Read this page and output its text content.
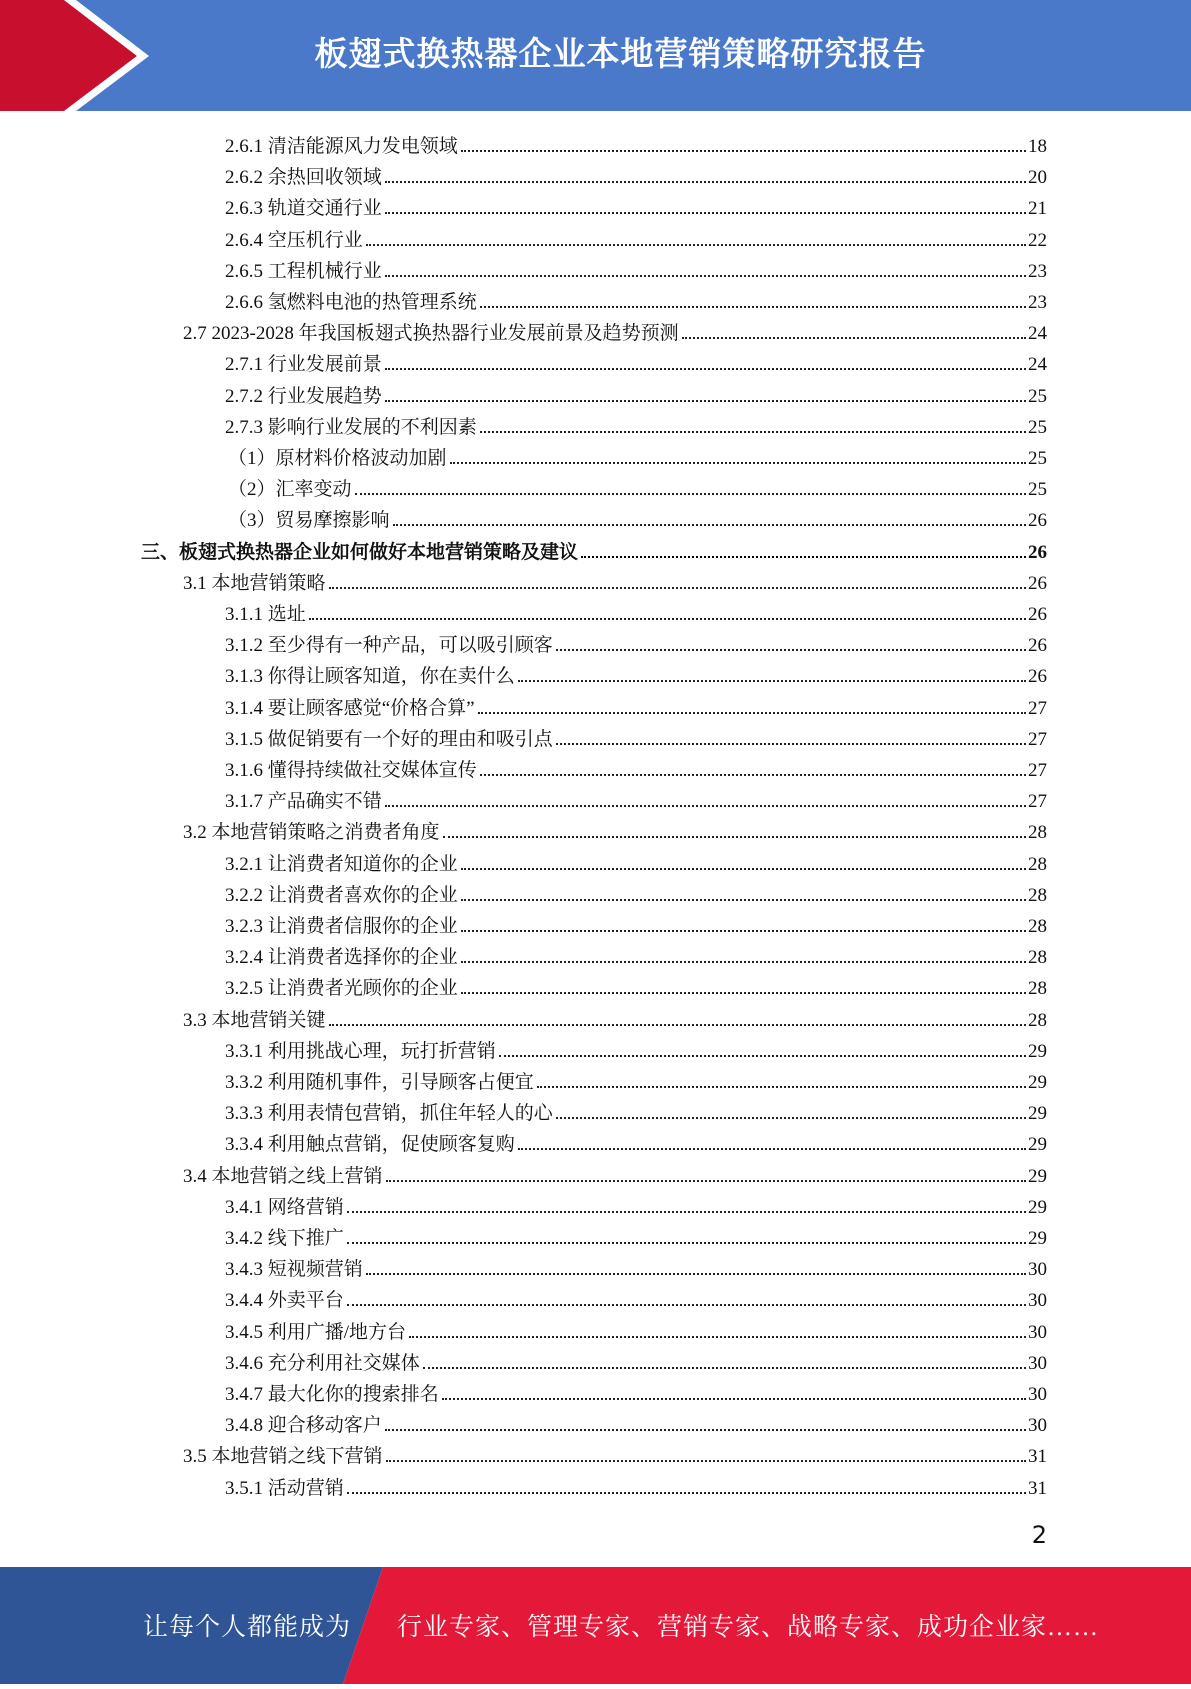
板翅式换热器企业本地营销策略研究报告
2.6.1 清洁能源风力发电领域	18
2.6.2 余热回收领域	20
2.6.3 轨道交通行业	21
2.6.4 空压机行业	22
2.6.5 工程机械行业	23
2.6.6 氢燃料电池的热管理系统	23
2.7 2023-2028 年我国板翅式换热器行业发展前景及趋势预测	24
2.7.1 行业发展前景	24
2.7.2 行业发展趋势	25
2.7.3 影响行业发展的不利因素	25
（1）原材料价格波动加剧	25
（2）汇率变动	25
（3）贸易摩擦影响	26
三、板翅式换热器企业如何做好本地营销策略及建议	26
3.1 本地营销策略	26
3.1.1 选址	26
3.1.2 至少得有一种产品，可以吸引顾客	26
3.1.3 你得让顾客知道，你在卖什么	26
3.1.4 要让顾客感觉“价格合算”	27
3.1.5 做促销要有一个好的理由和吸引点	27
3.1.6 懂得持续做社交媒体宣传	27
3.1.7 产品确实不错	27
3.2 本地营销策略之消费者角度	28
3.2.1 让消费者知道你的企业	28
3.2.2 让消费者喜欢你的企业	28
3.2.3 让消费者信服你的企业	28
3.2.4 让消费者选择你的企业	28
3.2.5 让消费者光顾你的企业	28
3.3 本地营销关键	28
3.3.1 利用挑战心理，玩打折营销	29
3.3.2 利用随机事件，引导顾客占便宜	29
3.3.3 利用表情包营销，抓住年轻人的心	29
3.3.4 利用触点营销，促使顾客复购	29
3.4 本地营销之线上营销	29
3.4.1 网络营销	29
3.4.2 线下推广	29
3.4.3 短视频营销	30
3.4.4 外卖平台	30
3.4.5 利用广播/地方台	30
3.4.6 充分利用社交媒体	30
3.4.7 最大化你的搜索排名	30
3.4.8 迎合移动客户	30
3.5 本地营销之线下营销	31
3.5.1 活动营销	31
2
让每个人都能成为 行业专家、管理专家、营销专家、战略专家、成功企业家……
